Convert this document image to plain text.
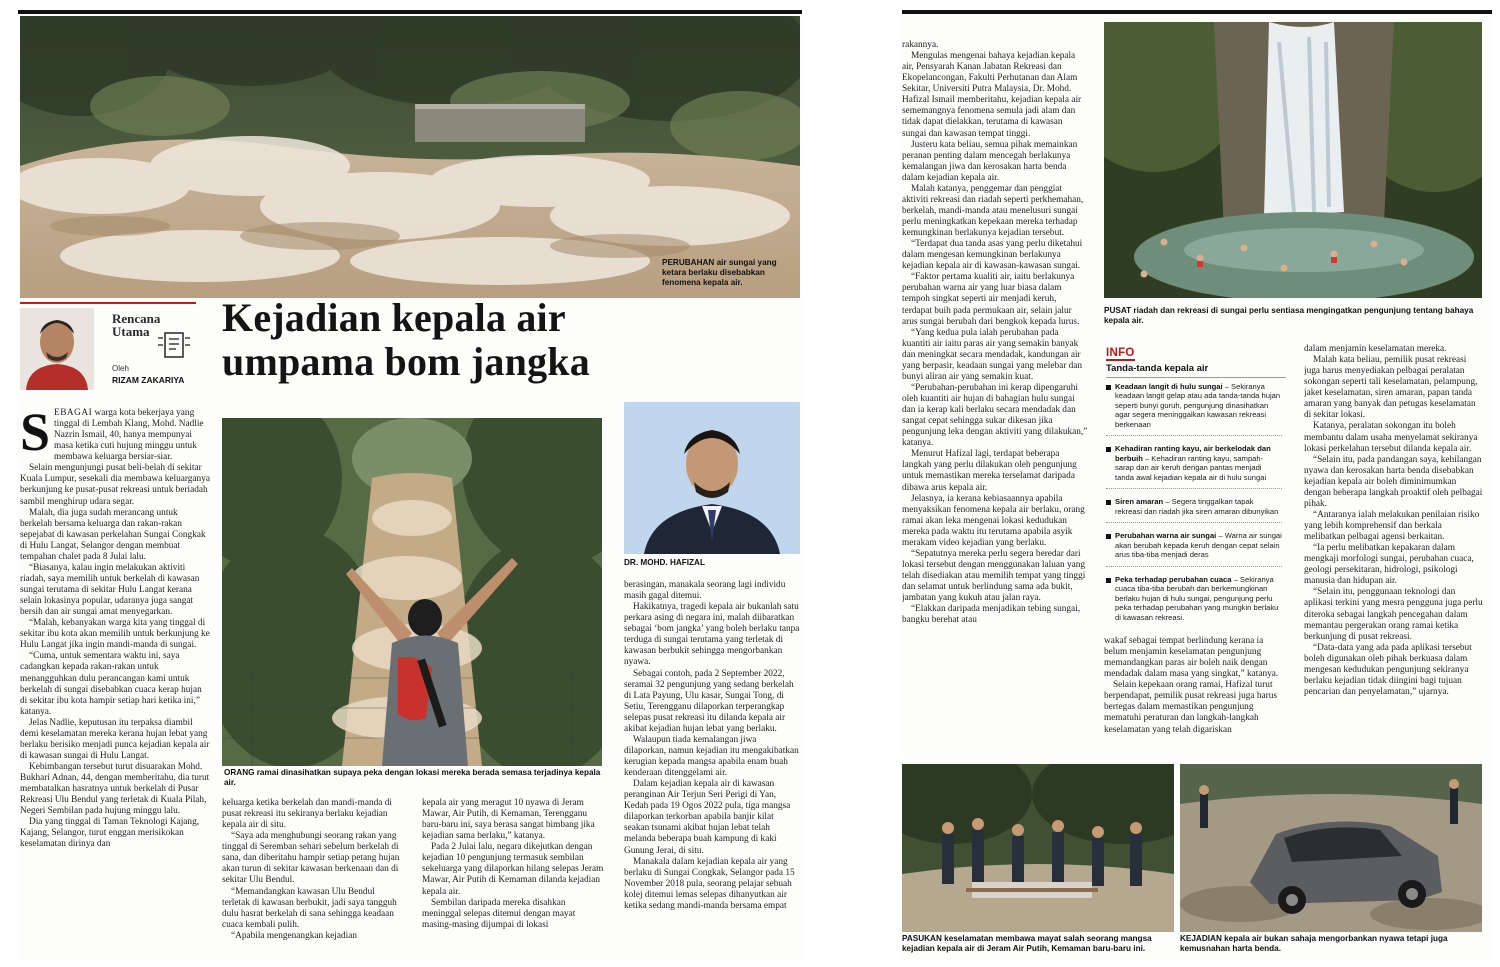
PERUBAHAN air sungai yang ketara berlaku disebabkan fenomena kepala air.
Rencana
Utama
Oleh
RIZAM ZAKARIYA
Kejadian kepala air
umpama bom jangka

SEBAGAI warga kota bekerjaya yang tinggal di Lembah Klang, Mohd. Nadlie Nazrin Ismail, 40, hanya mempunyai masa ketika cuti hujung minggu untuk membawa keluarga bersiar-siar.

Selain mengunjungi pusat beli-belah di sekitar Kuala Lumpur, sesekali dia membawa keluarganya berkunjung ke pusat-pusat rekreasi untuk beriadah sambil menghirup udara segar.

Malah, dia juga sudah merancang untuk berkelah bersama keluarga dan rakan-rakan sepejabat di kawasan perkelahan Sungai Congkak di Hulu Langat, Selangor dengan membuat tempahan chalet pada 8 Julai lalu.

“Biasanya, kalau ingin melakukan aktiviti riadah, saya memilih untuk berkelah di kawasan sungai terutama di sekitar Hulu Langat kerana selain lokasinya popular, udaranya juga sangat bersih dan air sungai amat menyegarkan.

“Malah, kebanyakan warga kita yang tinggal di sekitar ibu kota akan memilih untuk berkunjung ke Hulu Langat jika ingin mandi-manda di sungai.

“Cuma, untuk sementara waktu ini, saya cadangkan kepada rakan-rakan untuk menangguhkan dulu perancangan kami untuk berkelah di sungai disebabkan cuaca kerap hujan di sekitar ibu kota hampir setiap hari ketika ini,” katanya.

Jelas Nadlie, keputusan itu terpaksa diambil demi keselamatan mereka kerana hujan lebat yang berlaku berisiko menjadi punca kejadian kepala air di kawasan sungai di Hulu Langat.

Kebimbangan tersebut turut disuarakan Mohd. Bukhari Adnan, 44, dengan memberitahu, dia turut membatalkan hasratnya untuk berkelah di Pusar Rekreasi Ulu Bendul yang terletak di Kuala Pilah, Negeri Sembilan pada hujung minggu lalu.

Dia yang tinggal di Taman Teknologi Kajang, Kajang, Selangor, turut enggan merisikokan keselamatan dirinya dan

ORANG ramai dinasihatkan supaya peka dengan lokasi mereka berada semasa terjadinya kepala air.
DR. MOHD. HAFIZAL

keluarga ketika berkelah dan mandi-manda di pusat rekreasi itu sekiranya berlaku kejadian kepala air di situ.

“Saya ada menghubungi seorang rakan yang tinggal di Seremban sehari sebelum berkelah di sana, dan diberitahu hampir setiap petang hujan akan turun di sekitar kawasan berkenaan dan di sekitar Ulu Bendul.

“Memandangkan kawasan Ulu Bendul terletak di kawasan berbukit, jadi saya tangguh dulu hasrat berkelah di sana sehingga keadaan cuaca kembali pulih.

“Apabila mengenangkan kejadian

kepala air yang meragut 10 nyawa di Jeram Mawar, Air Putih, di Kemaman, Terengganu baru-baru ini, saya berasa sangat bimbang jika kejadian sama berlaku,” katanya.

Pada 2 Julai lalu, negara dikejutkan dengan kejadian 10 pengunjung termasuk sembilan sekeluarga yang dilaporkan hilang selepas Jeram Mawar, Air Putih di Kemaman dilanda kejadian kepala air.

Sembilan daripada mereka disahkan meninggal selepas ditemui dengan mayat masing-masing dijumpai di lokasi

berasingan, manakala seorang lagi individu masih gagal ditemui.

Hakikatnya, tragedi kepala air bukanlah satu perkara asing di negara ini, malah diibaratkan sebagai ‘bom jangka’ yang boleh berlaku tanpa terduga di sungai terutama yang terletak di kawasan berbukit sehingga mengorbankan nyawa.

Sebagai contoh, pada 2 September 2022, seramai 32 pengunjung yang sedang berkelah di Lata Payung, Ulu kasar, Sungai Tong, di Setiu, Terengganu dilaporkan terperangkap selepas pusat rekreasi itu dilanda kepala air akibat kejadian hujan lebat yang berlaku.

Walaupun tiada kemalangan jiwa dilaporkan, namun kejadian itu mengakibatkan kerugian kepada mangsa apabila enam buah kenderaan ditenggelami air.

Dalam kejadian kepala air di kawasan peranginan Air Terjun Seri Perigi di Yan, Kedah pada 19 Ogos 2022 pula, tiga mangsa dilaporkan terkorban apabila banjir kilat seakan tsunami akibat hujan lebat telah melanda beberapa buah kampung di kaki Gunung Jerai, di situ.

Manakala dalam kejadian kepala air yang berlaku di Sungai Congkak, Selangor pada 15 November 2018 pula, seorang pelajar sebuah kolej ditemui lemas selepas dihanyutkan air ketika sedang mandi-manda bersama empat

rakannya.

Mengulas mengenai bahaya kejadian kepala air, Pensyarah Kanan Jabatan Rekreasi dan Ekopelancongan, Fakulti Perhutanan dan Alam Sekitar, Universiti Putra Malaysia, Dr. Mohd. Hafizal Ismail memberitahu, kejadian kepala air sememangnya fenomena semula jadi alam dan tidak dapat dielakkan, terutama di kawasan sungai dan kawasan tempat tinggi.

Justeru kata beliau, semua pihak memainkan peranan penting dalam mencegah berlakunya kemalangan jiwa dan kerosakan harta benda dalam kejadian kepala air.

Malah katanya, penggemar dan penggiat aktiviti rekreasi dan riadah seperti perkhemahan, berkelah, mandi-manda atau menelusuri sungai perlu meningkatkan kepekaan mereka terhadap kemungkinan berlakunya kejadian tersebut.

“Terdapat dua tanda asas yang perlu diketahui dalam mengesan kemungkinan berlakunya kejadian kepala air di kawasan-kawasan sungai.

“Faktor pertama kualiti air, iaitu berlakunya perubahan warna air yang luar biasa dalam tempoh singkat seperti air menjadi keruh, terdapat buih pada permukaan air, selain jalur arus sungai berubah dari bengkok kepada lurus.

“Yang kedua pula ialah perubahan pada kuantiti air iaitu paras air yang semakin banyak dan meningkat secara mendadak, kandungan air yang berpasir, keadaan sungai yang melebar dan bunyi aliran air yang semakin kuat.

“Perubahan-perubahan ini kerap dipengaruhi oleh kuantiti air hujan di bahagian hulu sungai dan ia kerap kali berlaku secara mendadak dan sangat cepat sehingga sukar dikesan jika pengunjung leka dengan aktiviti yang dilakukan,” katanya.

Menurut Hafizal lagi, terdapat beberapa langkah yang perlu dilakukan oleh pengunjung untuk memastikan mereka terselamat daripada dibawa arus kepala air.

Jelasnya, ia kerana kebiasaannya apabila menyaksikan fenomena kepala air berlaku, orang ramai akan leka mengenai lokasi kedudukan mereka pada waktu itu terutama apabila asyik merakam video kejadian yang berlaku.

“Sepatutnya mereka perlu segera beredar dari lokasi tersebut dengan menggunakan laluan yang telah disediakan atau memilih tempat yang tinggi dan selamat untuk berlindung sama ada bukit, jambatan yang kukuh atau jalan raya.

“Elakkan daripada menjadikan tebing sungai, bangku berehat atau

PUSAT riadah dan rekreasi di sungai perlu sentiasa mengingatkan pengunjung tentang bahaya kepala air.
INFO
Tanda-tanda kepala air
Keadaan langit di hulu sungai – Sekiranya keadaan langit gelap atau ada tanda-tanda hujan seperti bunyi guruh, pengunjung dinasihatkan agar segera meninggalkan kawasan rekreasi berkenaan
Kehadiran ranting kayu, air berkelodak dan berbuih – Kehadiran ranting kayu, sampah-sarap dan air keruh dengan pantas menjadi tanda awal kejadian kepala air di hulu sungai
Siren amaran – Segera tinggalkan tapak rekreasi dan riadah jika siren amaran dibunyikan
Perubahan warna air sungai – Warna air sungai akan berubah kepada keruh dengan cepat selain arus tiba-tiba menjadi deras
Peka terhadap perubahan cuaca – Sekiranya cuaca tiba-tiba berubah dan berkemungkinan berlaku hujan di hulu sungai, pengunjung perlu peka terhadap perubahan yang mungkin berlaku di kawasan rekreasi.

wakaf sebagai tempat berlindung kerana ia belum menjamin keselamatan pengunjung memandangkan paras air boleh naik dengan mendadak dalam masa yang singkat,” katanya.

Selain kepekaan orang ramai, Hafizal turut berpendapat, pemilik pusat rekreasi juga harus bertegas dalam memastikan pengunjung mematuhi peraturan dan langkah-langkah keselamatan yang telah digariskan

dalam menjamin keselamatan mereka.

Malah kata beliau, pemilik pusat rekreasi juga harus menyediakan pelbagai peralatan sokongan seperti tali keselamatan, pelampung, jaket keselamatan, siren amaran, papan tanda amaran yang banyak dan petugas keselamatan di sekitar lokasi.

Katanya, peralatan sokongan itu boleh membantu dalam usaha menyelamat sekiranya lokasi perkelahan tersebut dilanda kepala air.

“Selain itu, pada pandangan saya, kehilangan nyawa dan kerosakan harta benda disebabkan kejadian kepala air boleh diminimumkan dengan beberapa langkah proaktif oleh pelbagai pihak.

“Antaranya ialah melakukan penilaian risiko yang lebih komprehensif dan berkala melibatkan pelbagai agensi berkaitan.

“Ia perlu melibatkan kepakaran dalam mengkaji morfologi sungai, perubahan cuaca, geologi persekitaran, hidrologi, psikologi manusia dan hidupan air.

“Selain itu, penggunaan teknologi dan aplikasi terkini yang mesra pengguna juga perlu diteroka sebagai langkah pencegahan dalam memantau pergerakan orang ramai ketika berkunjung di pusat rekreasi.

“Data-data yang ada pada aplikasi tersebut boleh digunakan oleh pihak berkuasa dalam mengesan kedudukan pengunjung sekiranya berlaku kejadian tidak diingini bagi tujuan pencarian dan penyelamatan,” ujarnya.

PASUKAN keselamatan membawa mayat salah seorang mangsa kejadian kepala air di Jeram Air Putih, Kemaman baru-baru ini.
KEJADIAN kepala air bukan sahaja mengorbankan nyawa tetapi juga kemusnahan harta benda.
